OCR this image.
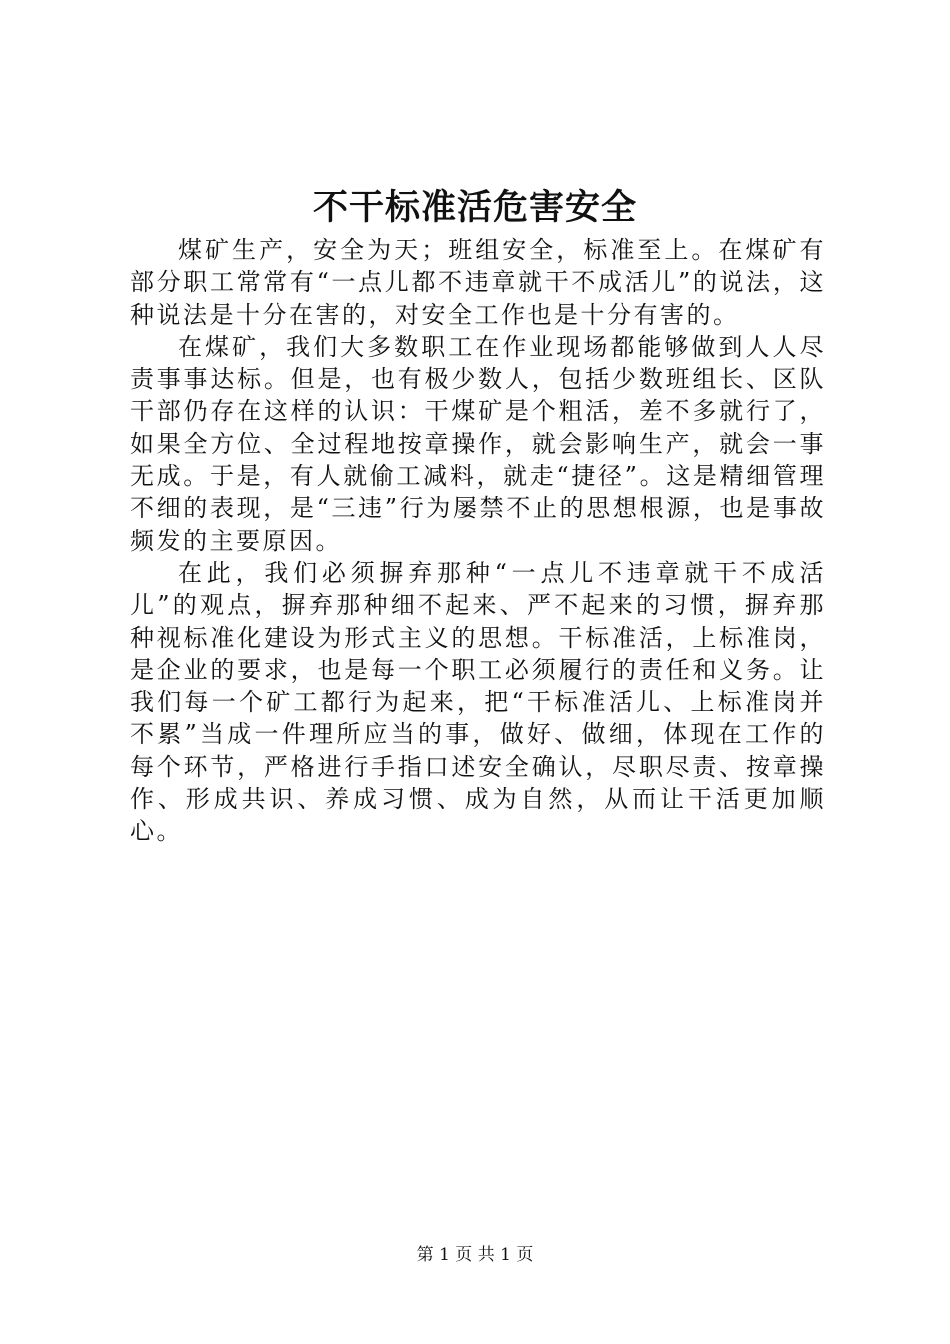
不干标准活危害安全

煤矿生产，安全为天；班组安全，标准至上。在煤矿有部分职工常常有“一点儿都不违章就干不成活儿”的说法，这种说法是十分在害的，对安全工作也是十分有害的。

在煤矿，我们大多数职工在作业现场都能够做到人人尽责事事达标。但是，也有极少数人，包括少数班组长、区队干部仍存在这样的认识：干煤矿是个粗活，差不多就行了，如果全方位、全过程地按章操作，就会影响生产，就会一事无成。于是，有人就偷工减料，就走“捷径”。这是精细管理不细的表现，是“三违”行为屡禁不止的思想根源，也是事故频发的主要原因。

在此，我们必须摒弃那种“一点儿不违章就干不成活儿”的观点，摒弃那种细不起来、严不起来的习惯，摒弃那种视标准化建设为形式主义的思想。干标准活，上标准岗，是企业的要求，也是每一个职工必须履行的责任和义务。让我们每一个矿工都行为起来，把“干标准活儿、上标准岗并不累”当成一件理所应当的事，做好、做细，体现在工作的每个环节，严格进行手指口述安全确认，尽职尽责、按章操作、形成共识、养成习惯、成为自然，从而让干活更加顺心。

第 1 页 共 1 页
